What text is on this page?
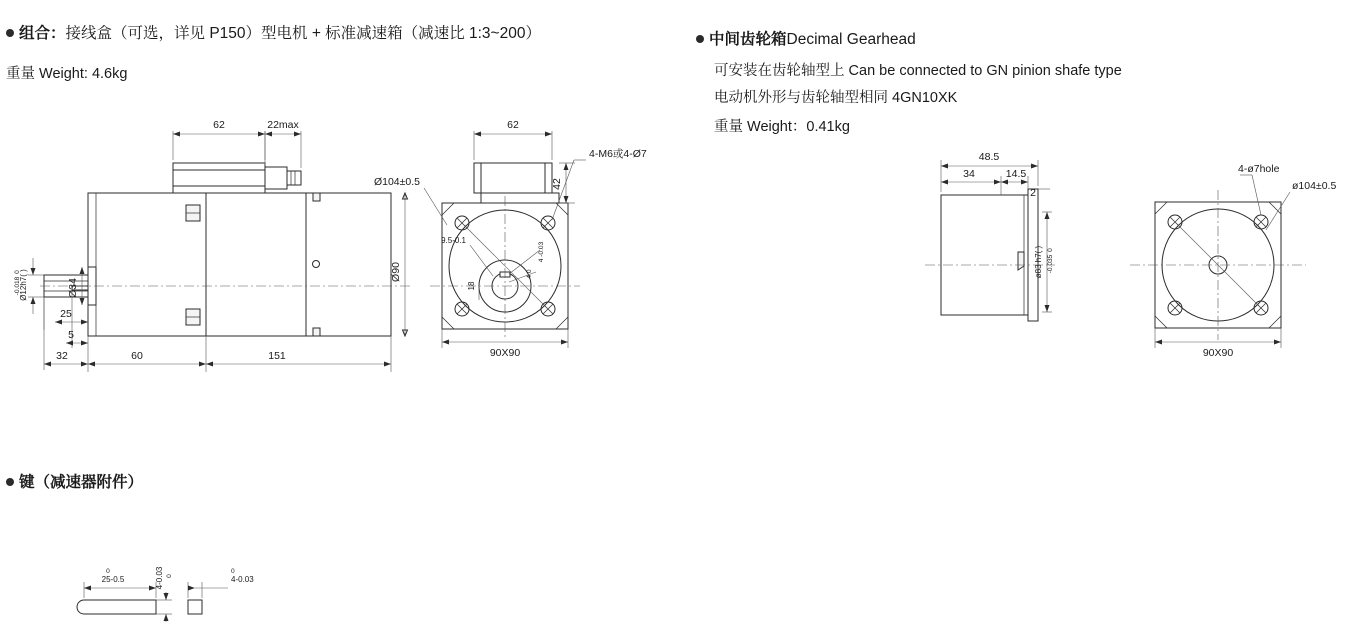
组合：接线盒（可选，详见 P150）型电机 + 标准减速箱（减速比 1:3~200）
重量 Weight: 4.6kg
键（减速器附件）
中间齿轮箱Decimal Gearhead
可安装在齿轮轴型上 Can be connected to GN pinion shafe type
电动机外形与齿轮轴型相同 4GN10XK
重量 Weight：0.41kg
Ø90
62	22max
Ø12h7( )
0
-0.018	Ø34
25
5
32	60	151
62
42
Ø104±0.5
4-M6或4-Ø7
9.5-0.1
18
4 -0.03
4 0
90X90
48.5
34	14.5
2
ø83 h7( ) 0
-0.035
4-ø7hole
ø104±0.5
90X90
25-0.5
0	4-0.03 0	4-0.03
0
